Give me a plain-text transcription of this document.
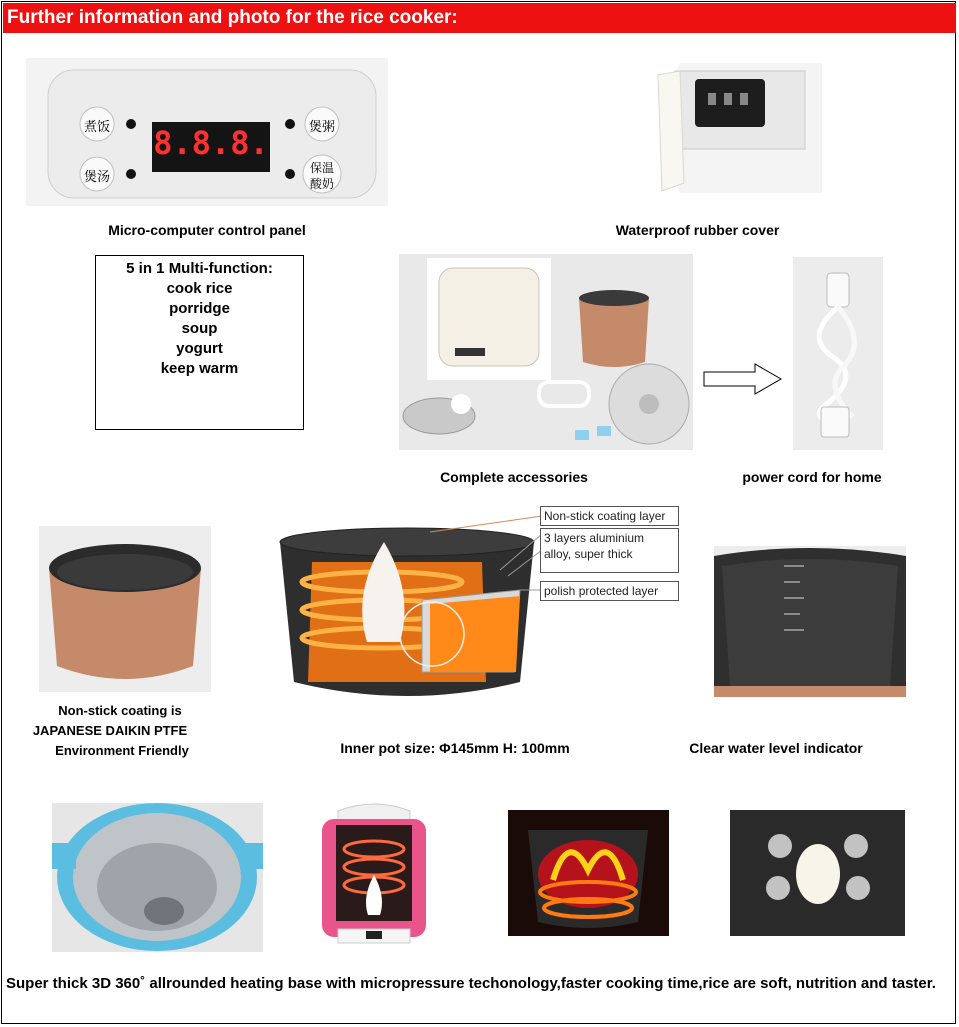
Further information and photo for the rice cooker:
8.8.8.
煮饭
煲汤
煲粥
保温
酸奶
Micro-computer control panel	Waterproof rubber cover
5 in 1 Multi-function:
cook rice
porridge
soup
yogurt
keep warm
Complete accessories	power cord for home
Non-stick coating is
JAPANESE DAIKIN PTFE
Environment Friendly
Non-stick coating layer
3 layers aluminium
alloy, super thick
polish protected layer
Inner pot size: Φ145mm H: 100mm	Clear water level indicator
Super thick 3D 360˚ allrounded heating base with micropressure techonology,faster cooking time,rice are soft, nutrition and taster.
